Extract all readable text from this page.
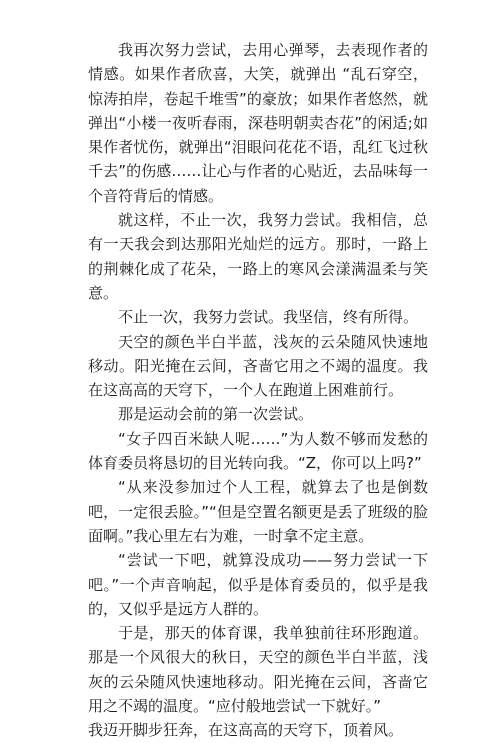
我再次努力尝试，去用心弹琴，去表现作者的情感。如果作者欣喜，大笑，就弹出 “乱石穿空，惊涛拍岸，卷起千堆雪”的豪放；如果作者悠然，就弹出“小楼一夜听春雨，深巷明朝卖杏花”的闲适;如果作者忧伤，就弹出“泪眼问花花不语，乱红飞过秋千去”的伤感……让心与作者的心贴近，去品味每一个音符背后的情感。

就这样，不止一次，我努力尝试。我相信，总有一天我会到达那阳光灿烂的远方。那时，一路上的荆棘化成了花朵，一路上的寒风会漾满温柔与笑意。

不止一次，我努力尝试。我坚信，终有所得。

天空的颜色半白半蓝，浅灰的云朵随风快速地移动。阳光掩在云间，吝啬它用之不竭的温度。我在这高高的天穹下，一个人在跑道上困难前行。

那是运动会前的第一次尝试。

“女子四百米缺人呢……”为人数不够而发愁的体育委员将恳切的目光转向我。“Z，你可以上吗?”

“从来没参加过个人工程，就算去了也是倒数吧，一定很丢脸。”“但是空置名额更是丢了班级的脸面啊。”我心里左右为难，一时拿不定主意。

“尝试一下吧，就算没成功——努力尝试一下吧。”一个声音响起，似乎是体育委员的，似乎是我的，又似乎是远方人群的。

于是，那天的体育课，我单独前往环形跑道。那是一个风很大的秋日，天空的颜色半白半蓝，浅灰的云朵随风快速地移动。阳光掩在云间，吝啬它用之不竭的温度。“应付般地尝试一下就好。”

我迈开脚步狂奔，在这高高的天穹下，顶着风。
